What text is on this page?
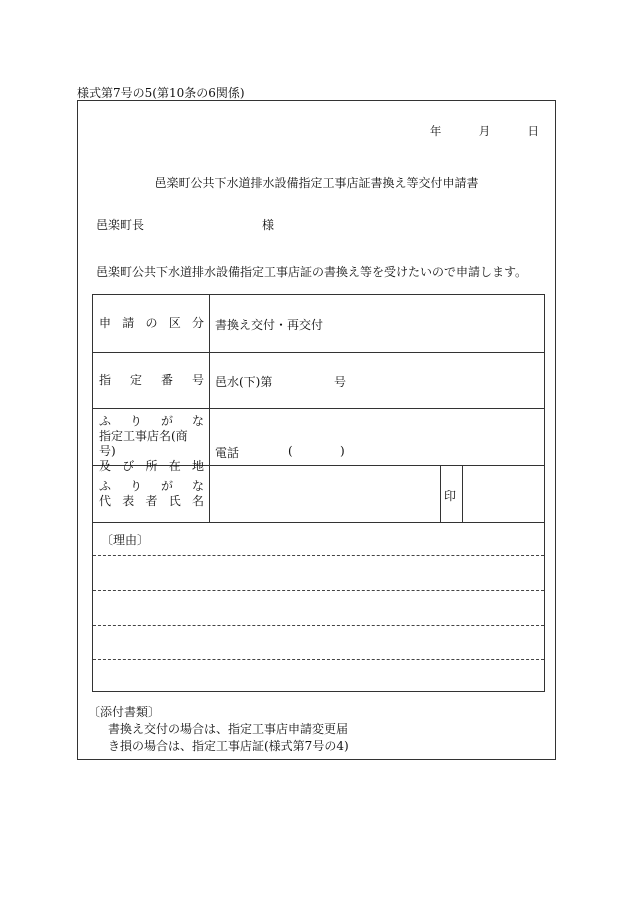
様式第7号の5(第10条の6関係)
年	月	日
邑楽町公共下水道排水設備指定工事店証書換え等交付申請書
邑楽町長	様
邑楽町公共下水道排水設備指定工事店証の書換え等を受けたいので申請します。
申 請 の 区 分 書換え交付・再交付
指 定 番 号 邑水(下)第	号
ふ り が な
指定工事店名(商号)
及 び 所 在 地
電話	(	)
ふ り が な
代 表 者 氏 名	印
〔理由〕
〔添付書類〕
書換え交付の場合は、指定工事店申請変更届
き損の場合は、指定工事店証(様式第7号の4)
